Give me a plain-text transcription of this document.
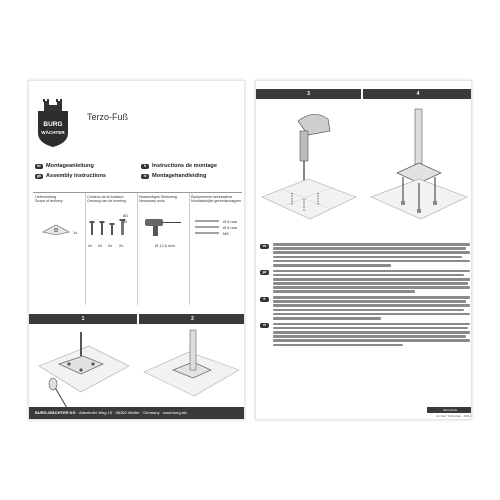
BURG
WÄCHTER
Terzo-Fuß
de Montageanleitung	fr	Instructions de montage
gb Assembly instructions	nl Montagehandleiding
Lieferumfang
Scope of delivery
Contenu de la livraison
Omvang van de levering
Notwendiges Werkzeug
Necessary tools
Équipements nécessaires
Noodzakelijke gereedschappen
1x
2x 2x 2x 2x
8D
8x
Ø 12,6 mm
Ø 6 mm
Ø 6 mm
M8
1	2
BURG-WÄCHTER KG · Altenhofer Weg 15 · 58300 Wetter · Germany · www.burg.biz
3	4
de
gb
fr
nl
Terzo-Fuß
bk 3/orr Tuf-burten - 03/11
